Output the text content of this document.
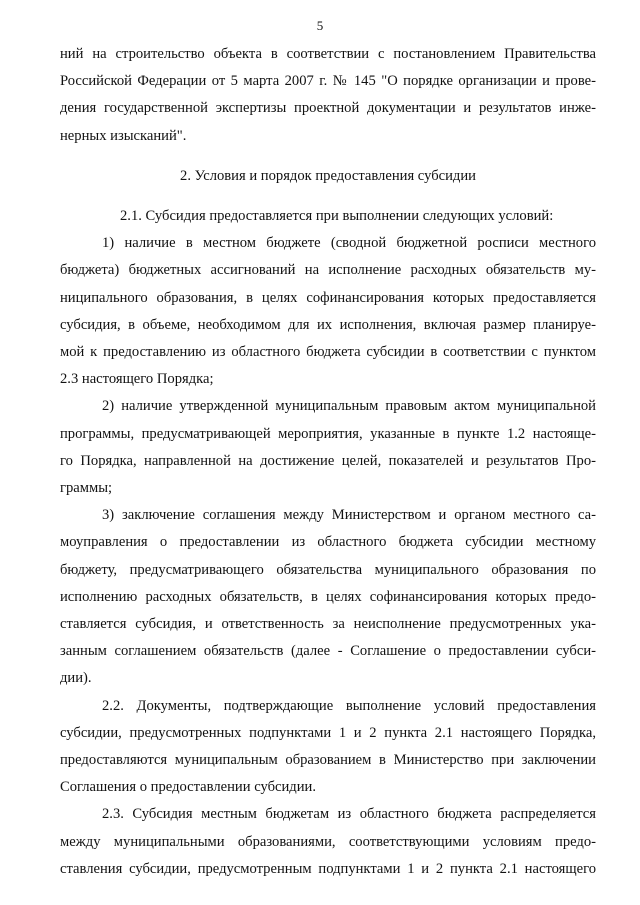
5

ний на строительство объекта в соответствии с постановлением Правительства

Российской Федерации от 5 марта 2007 г. № 145 "О порядке организации и прове-

дения государственной экспертизы проектной документации и результатов инже-

нерных изысканий".

2. Условия и порядок предоставления субсидии

2.1. Субсидия предоставляется при выполнении следующих условий:

1) наличие в местном бюджете (сводной бюджетной росписи местного

бюджета) бюджетных ассигнований на исполнение расходных обязательств му-

ниципального образования, в целях софинансирования которых предоставляется

субсидия, в объеме, необходимом для их исполнения, включая размер планируе-

мой к предоставлению из областного бюджета субсидии в соответствии с пунктом

2.3 настоящего Порядка;

2) наличие утвержденной муниципальным правовым актом муниципальной

программы, предусматривающей мероприятия, указанные в пункте 1.2 настояще-

го Порядка, направленной на достижение целей, показателей и результатов Про-

граммы;

3) заключение соглашения между Министерством и органом местного са-

моуправления о предоставлении из областного бюджета субсидии местному

бюджету, предусматривающего обязательства муниципального образования по

исполнению расходных обязательств, в целях софинансирования которых предо-

ставляется субсидия, и ответственность за неисполнение предусмотренных ука-

занным соглашением обязательств (далее - Соглашение о предоставлении субси-

дии).

2.2. Документы, подтверждающие выполнение условий предоставления

субсидии, предусмотренных подпунктами 1 и 2 пункта 2.1 настоящего Порядка,

предоставляются муниципальным образованием в Министерство при заключении

Соглашения о предоставлении субсидии.

2.3. Субсидия местным бюджетам из областного бюджета распределяется

между муниципальными образованиями, соответствующими условиям предо-

ставления субсидии, предусмотренным подпунктами 1 и 2 пункта 2.1 настоящего
